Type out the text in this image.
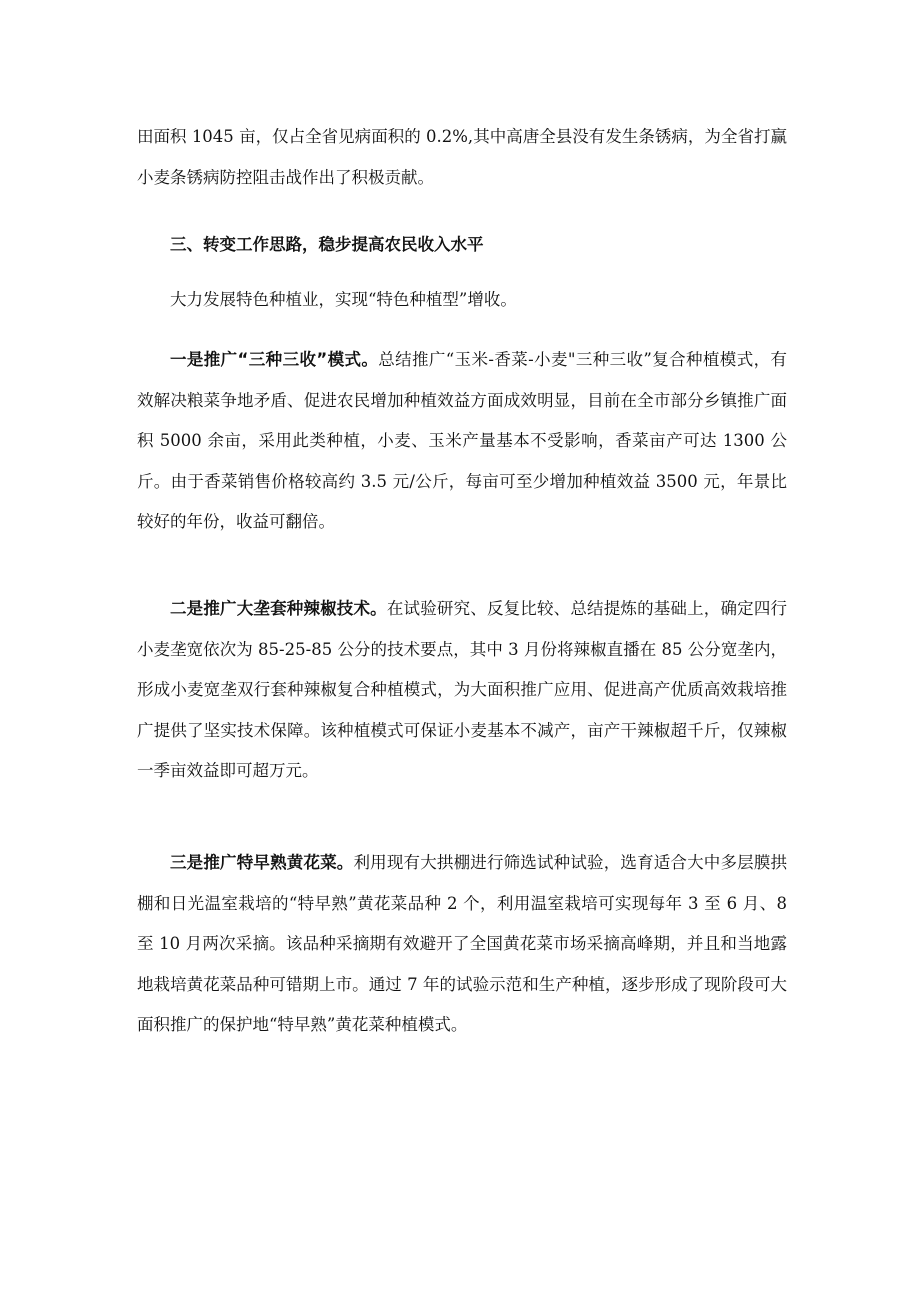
田面积 1045 亩，仅占全省见病面积的 0.2%,其中高唐全县没有发生条锈病，为全省打赢小麦条锈病防控阻击战作出了积极贡献。

三、转变工作思路，稳步提高农民收入水平

大力发展特色种植业，实现“特色种植型”增收。

一是推广“三种三收”模式。总结推广“玉米-香菜-小麦"三种三收”复合种植模式，有效解决粮菜争地矛盾、促进农民增加种植效益方面成效明显，目前在全市部分乡镇推广面积 5000 余亩，采用此类种植，小麦、玉米产量基本不受影响，香菜亩产可达 1300 公斤。由于香菜销售价格较高约 3.5 元/公斤，每亩可至少增加种植效益 3500 元，年景比较好的年份，收益可翻倍。

二是推广大垄套种辣椒技术。在试验研究、反复比较、总结提炼的基础上，确定四行小麦垄宽依次为 85-25-85 公分的技术要点，其中 3 月份将辣椒直播在 85 公分宽垄内，形成小麦宽垄双行套种辣椒复合种植模式，为大面积推广应用、促进高产优质高效栽培推广提供了坚实技术保障。该种植模式可保证小麦基本不减产，亩产干辣椒超千斤，仅辣椒一季亩效益即可超万元。

三是推广特早熟黄花菜。利用现有大拱棚进行筛选试种试验，选育适合大中多层膜拱棚和日光温室栽培的“特早熟”黄花菜品种 2 个，利用温室栽培可实现每年 3 至 6 月、8 至 10 月两次采摘。该品种采摘期有效避开了全国黄花菜市场采摘高峰期，并且和当地露地栽培黄花菜品种可错期上市。通过 7 年的试验示范和生产种植，逐步形成了现阶段可大面积推广的保护地“特早熟”黄花菜种植模式。
